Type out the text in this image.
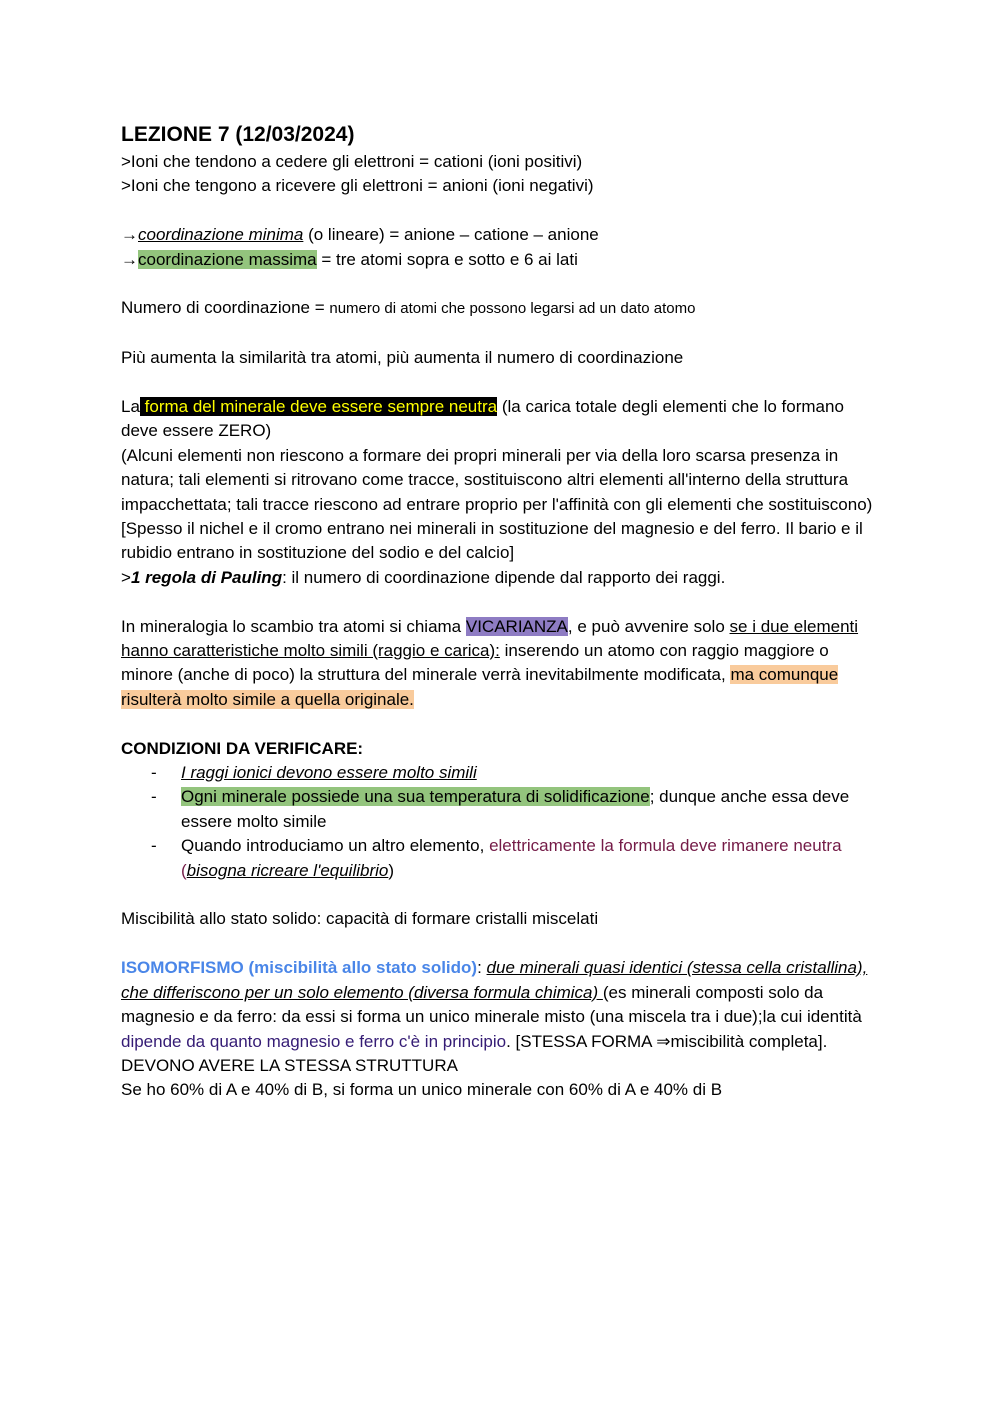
LEZIONE 7 (12/03/2024)

>Ioni che tendono a cedere gli elettroni = cationi (ioni positivi)

>Ioni che tengono a ricevere gli elettroni = anioni (ioni negativi)

→coordinazione minima (o lineare) = anione – catione – anione

→coordinazione massima = tre atomi sopra e sotto e 6 ai lati

Numero di coordinazione = numero di atomi che possono legarsi ad un dato atomo

Più aumenta la similarità tra atomi, più aumenta il numero di coordinazione

La forma del minerale deve essere sempre neutra (la carica totale degli elementi che lo formano deve essere ZERO)

(Alcuni elementi non riescono a formare dei propri minerali per via della loro scarsa presenza in natura; tali elementi si ritrovano come tracce, sostituiscono altri elementi all'interno della struttura impacchettata; tali tracce riescono ad entrare proprio per l'affinità con gli elementi che sostituiscono)

[Spesso il nichel e il cromo entrano nei minerali in sostituzione del magnesio e del ferro. Il bario e il rubidio entrano in sostituzione del sodio e del calcio]

>1 regola di Pauling: il numero di coordinazione dipende dal rapporto dei raggi.

In mineralogia lo scambio tra atomi si chiama VICARIANZA, e può avvenire solo se i due elementi hanno caratteristiche molto simili (raggio e carica): inserendo un atomo con raggio maggiore o minore (anche di poco) la struttura del minerale verrà inevitabilmente modificata, ma comunque risulterà molto simile a quella originale.

CONDIZIONI DA VERIFICARE:

- I raggi ionici devono essere molto simili
- Ogni minerale possiede una sua temperatura di solidificazione; dunque anche essa deve essere molto simile
- Quando introduciamo un altro elemento, elettricamente la formula deve rimanere neutra (bisogna ricreare l'equilibrio)

Miscibilità allo stato solido: capacità di formare cristalli miscelati

ISOMORFISMO (miscibilità allo stato solido): due minerali quasi identici (stessa cella cristallina), che differiscono per un solo elemento (diversa formula chimica) (es minerali composti solo da magnesio e da ferro: da essi si forma un unico minerale misto (una miscela tra i due);la cui identità dipende da quanto magnesio e ferro c'è in principio. [STESSA FORMA ⇒miscibilità completa]. DEVONO AVERE LA STESSA STRUTTURA

Se ho 60% di A e 40% di B, si forma un unico minerale con 60% di A e 40% di B
